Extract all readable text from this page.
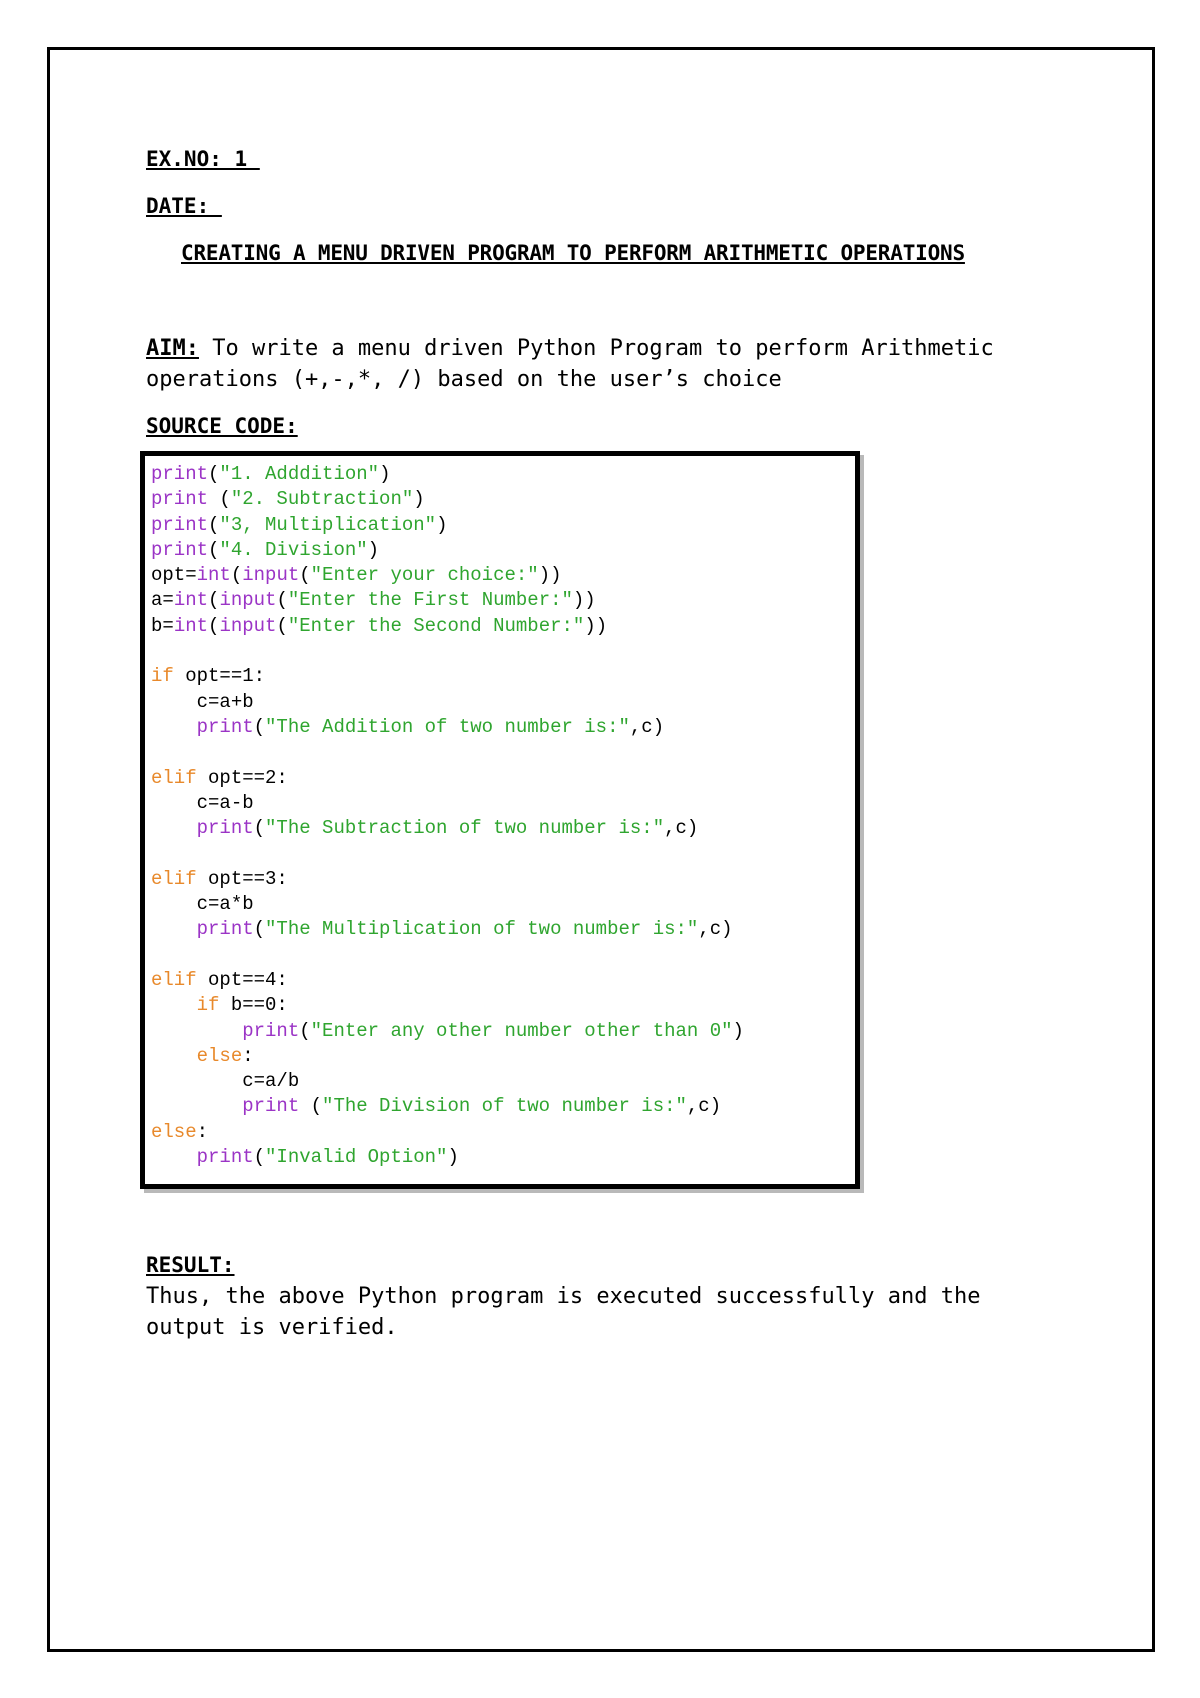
EX.NO: 1
DATE:
CREATING A MENU DRIVEN PROGRAM TO PERFORM ARITHMETIC OPERATIONS
AIM: To write a menu driven Python Program to perform Arithmetic
operations (+,-,*, /) based on the user’s choice
SOURCE CODE:
print("1. Adddition")
print ("2. Subtraction")
print("3, Multiplication")
print("4. Division")
opt=int(input("Enter your choice:"))
a=int(input("Enter the First Number:"))
b=int(input("Enter the Second Number:"))
if opt==1:
c=a+b
print("The Addition of two number is:",c)
elif opt==2:
c=a-b
print("The Subtraction of two number is:",c)
elif opt==3:
c=a*b
print("The Multiplication of two number is:",c)
elif opt==4:
if b==0:
print("Enter any other number other than 0")
else:
c=a/b
print ("The Division of two number is:",c)
else:
print("Invalid Option")
RESULT:
Thus, the above Python program is executed successfully and the
output is verified.
